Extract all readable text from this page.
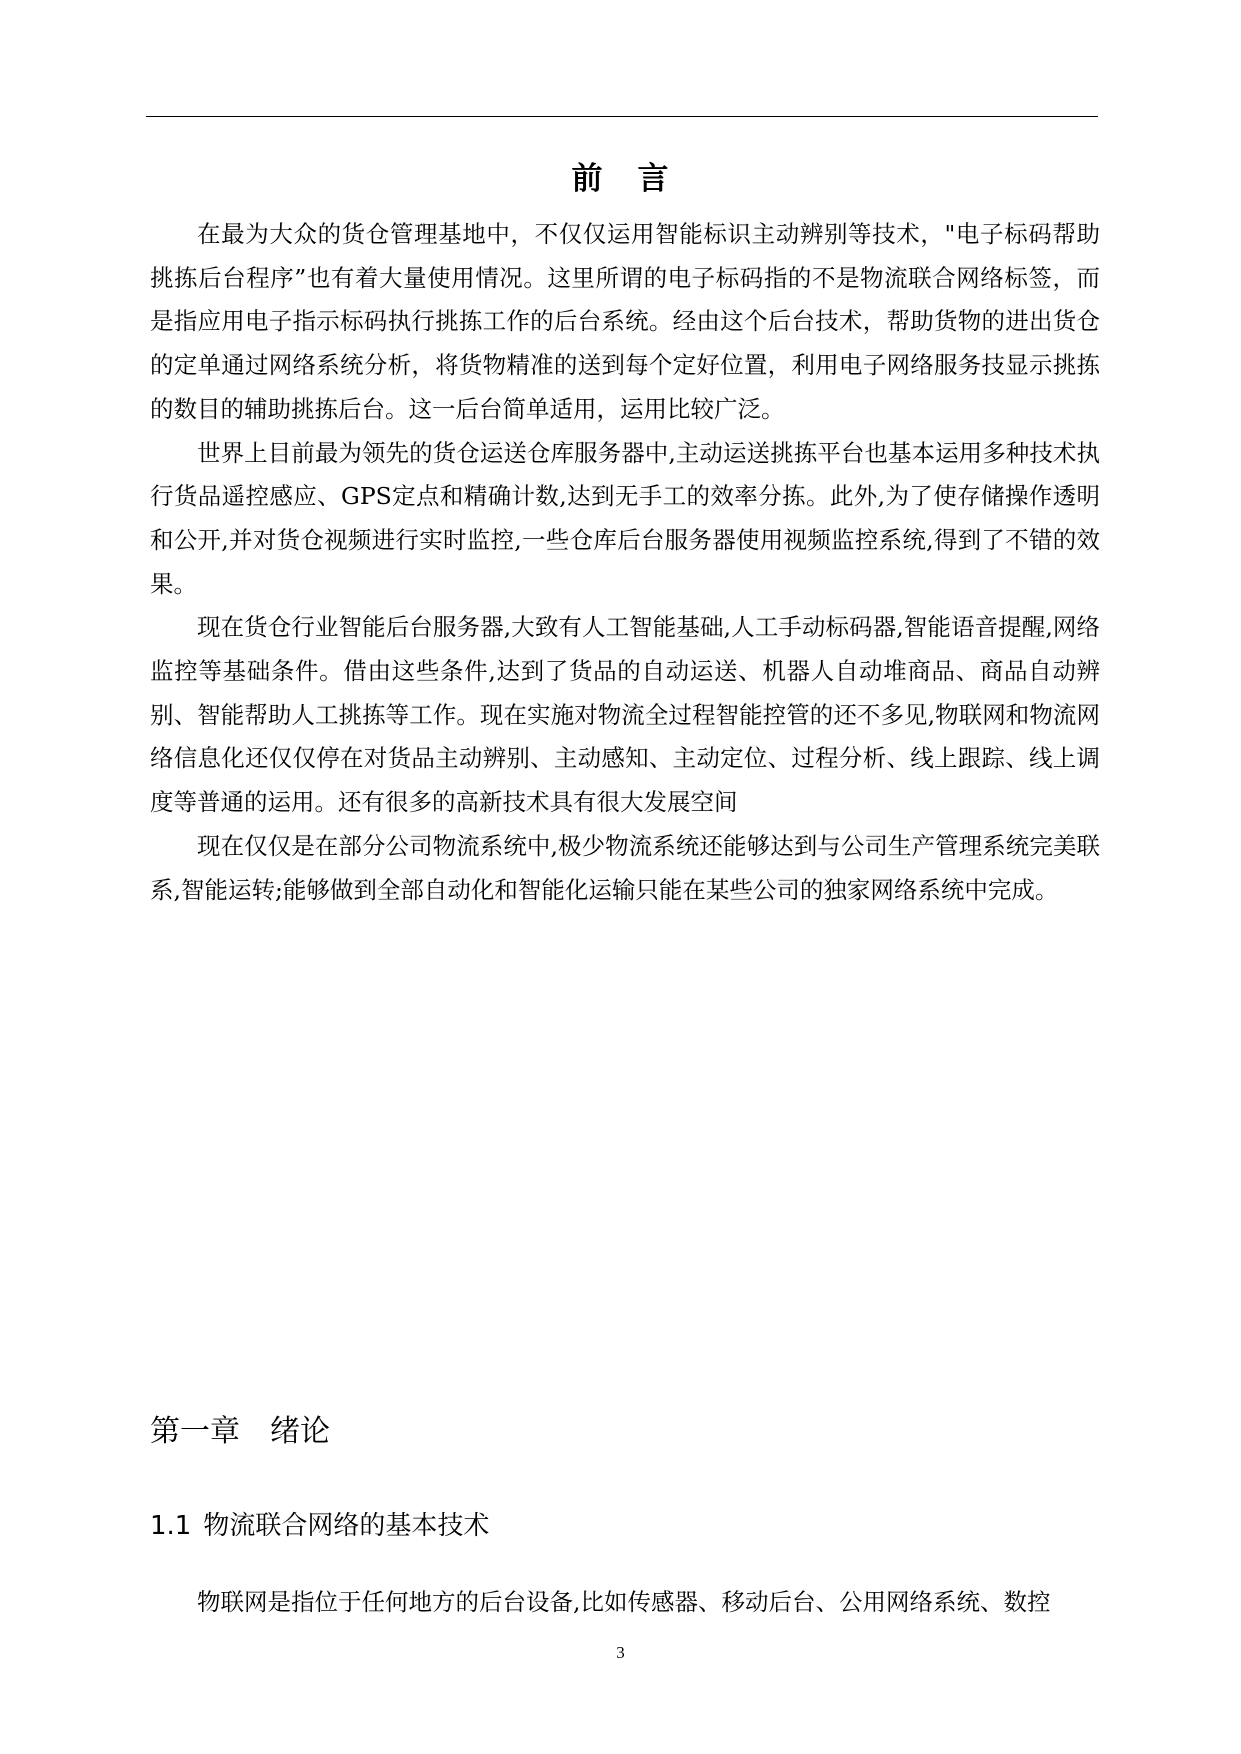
前 言

在最为大众的货仓管理基地中，不仅仅运用智能标识主动辨别等技术，"电子标码帮助挑拣后台程序”也有着大量使用情况。这里所谓的电子标码指的不是物流联合网络标签，而是指应用电子指示标码执行挑拣工作的后台系统。经由这个后台技术，帮助货物的进出货仓的定单通过网络系统分析，将货物精准的送到每个定好位置，利用电子网络服务技显示挑拣的数目的辅助挑拣后台。这一后台简单适用，运用比较广泛。

世界上目前最为领先的货仓运送仓库服务器中,主动运送挑拣平台也基本运用多种技术执行货品遥控感应、GPS定点和精确计数,达到无手工的效率分拣。此外,为了使存储操作透明和公开,并对货仓视频进行实时监控,一些仓库后台服务器使用视频监控系统,得到了不错的效果。

现在货仓行业智能后台服务器,大致有人工智能基础,人工手动标码器,智能语音提醒,网络监控等基础条件。借由这些条件,达到了货品的自动运送、机器人自动堆商品、商品自动辨别、智能帮助人工挑拣等工作。现在实施对物流全过程智能控管的还不多见,物联网和物流网络信息化还仅仅停在对货品主动辨别、主动感知、主动定位、过程分析、线上跟踪、线上调度等普通的运用。还有很多的高新技术具有很大发展空间

现在仅仅是在部分公司物流系统中,极少物流系统还能够达到与公司生产管理系统完美联系,智能运转;能够做到全部自动化和智能化运输只能在某些公司的独家网络系统中完成。

第一章 绪论
1.1 物流联合网络的基本技术

物联网是指位于任何地方的后台设备,比如传感器、移动后台、公用网络系统、数控

3
